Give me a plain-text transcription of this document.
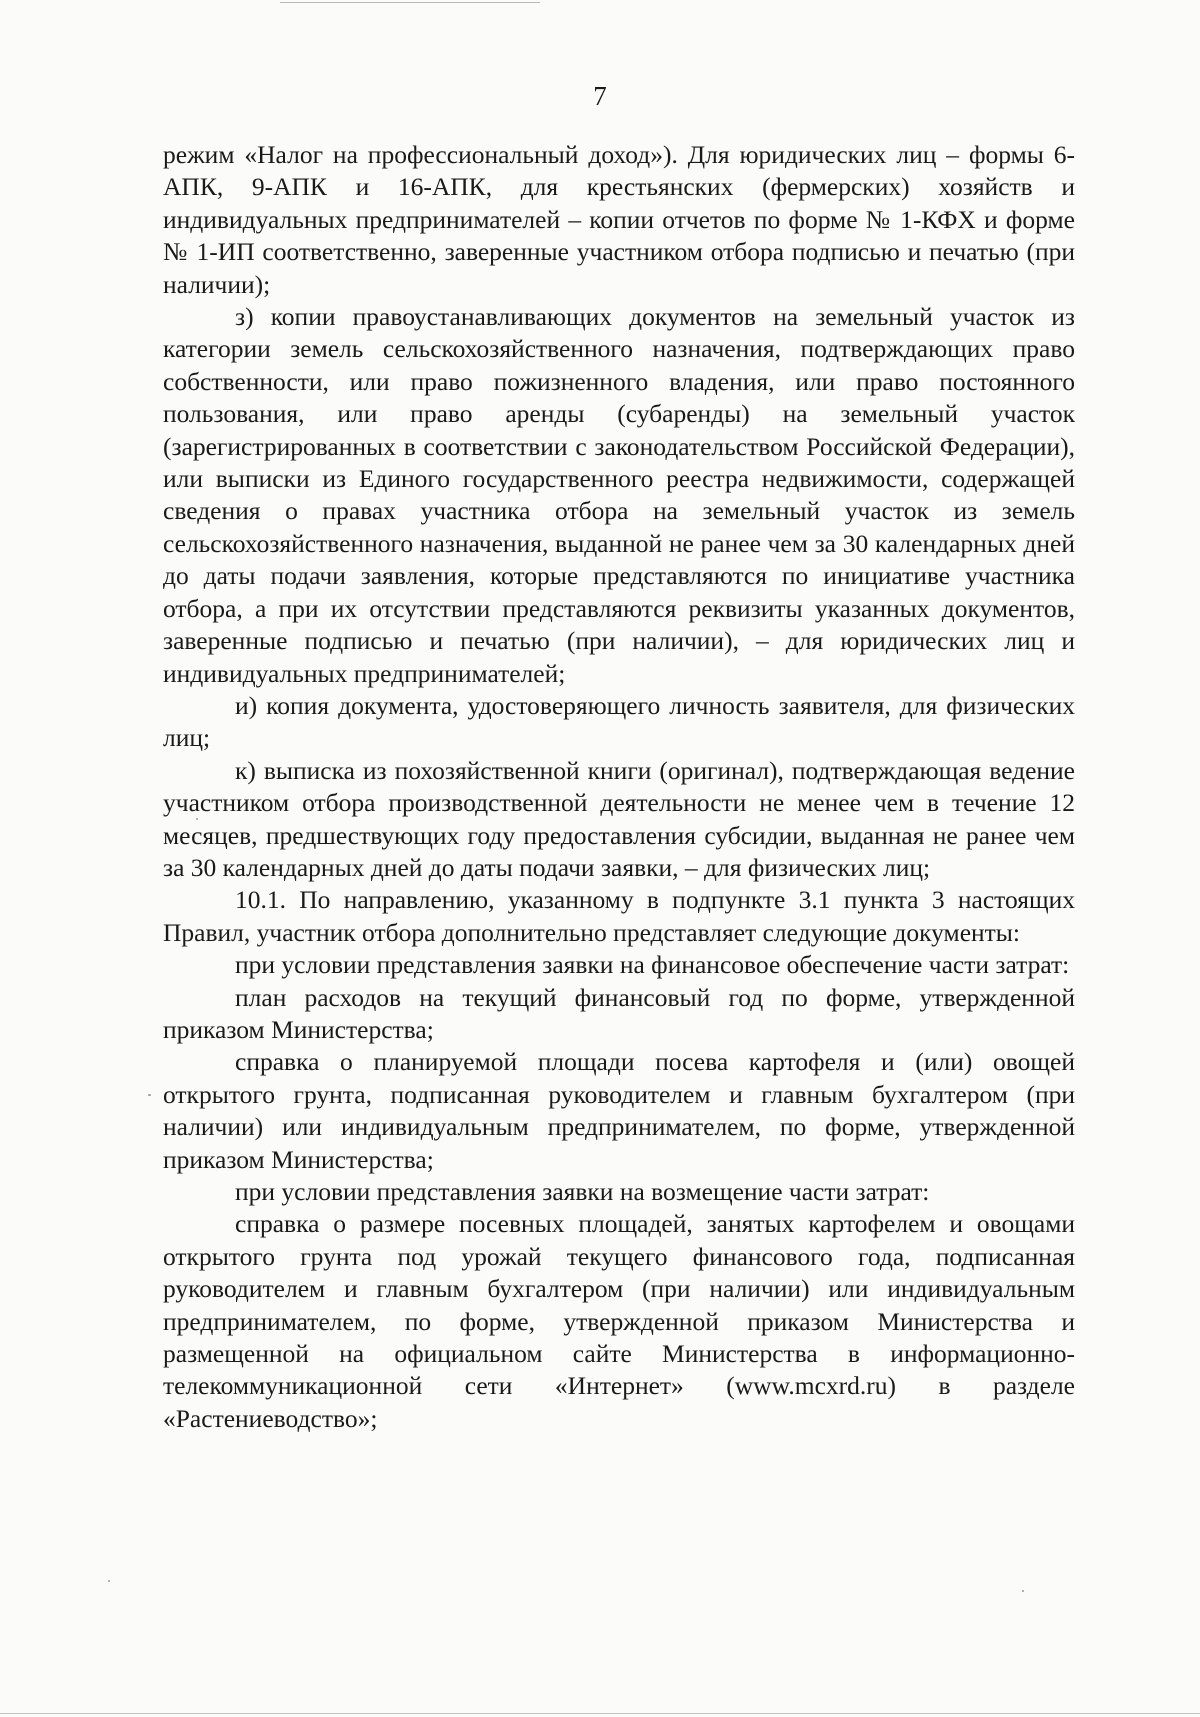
7

режим «Налог на профессиональный доход»). Для юридических лиц – формы 6-АПК, 9-АПК и 16-АПК, для крестьянских (фермерских) хозяйств и индивидуальных предпринимателей – копии отчетов по форме № 1-КФХ и форме № 1-ИП соответственно, заверенные участником отбора подписью и печатью (при наличии);

з) копии правоустанавливающих документов на земельный участок из категории земель сельскохозяйственного назначения, подтверждающих право собственности, или право пожизненного владения, или право постоянного пользования, или право аренды (субаренды) на земельный участок (зарегистрированных в соответствии с законодательством Российской Федерации), или выписки из Единого государственного реестра недвижимости, содержащей сведения о правах участника отбора на земельный участок из земель сельскохозяйственного назначения, выданной не ранее чем за 30 календарных дней до даты подачи заявления, которые представляются по инициативе участника отбора, а при их отсутствии представляются реквизиты указанных документов, заверенные подписью и печатью (при наличии), – для юридических лиц и индивидуальных предпринимателей;

и) копия документа, удостоверяющего личность заявителя, для физических лиц;

к) выписка из похозяйственной книги (оригинал), подтверждающая ведение участником отбора производственной деятельности не менее чем в течение 12 месяцев, предшествующих году предоставления субсидии, выданная не ранее чем за 30 календарных дней до даты подачи заявки, – для физических лиц;

10.1. По направлению, указанному в подпункте 3.1 пункта 3 настоящих Правил, участник отбора дополнительно представляет следующие документы:

при условии представления заявки на финансовое обеспечение части затрат:

план расходов на текущий финансовый год по форме, утвержденной приказом Министерства;

справка о планируемой площади посева картофеля и (или) овощей открытого грунта, подписанная руководителем и главным бухгалтером (при наличии) или индивидуальным предпринимателем, по форме, утвержденной приказом Министерства;

при условии представления заявки на возмещение части затрат:

справка о размере посевных площадей, занятых картофелем и овощами открытого грунта под урожай текущего финансового года, подписанная руководителем и главным бухгалтером (при наличии) или индивидуальным предпринимателем, по форме, утвержденной приказом Министерства и размещенной на официальном сайте Министерства в информационно-телекоммуникационной сети «Интернет» (www.mcxrd.ru) в разделе «Растениеводство»;
